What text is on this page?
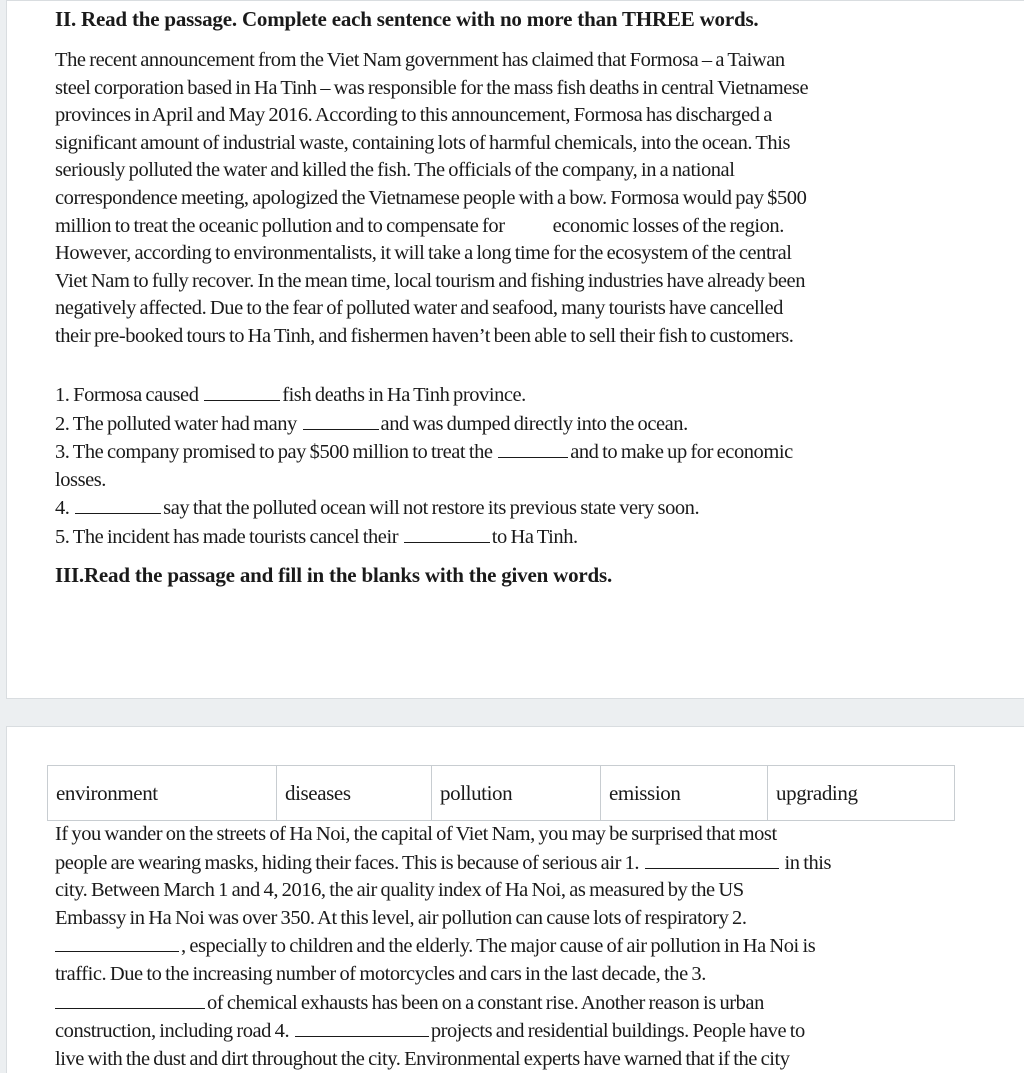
II. Read the passage. Complete each sentence with no more than THREE words.
The recent announcement from the Viet Nam government has claimed that Formosa – a Taiwan
steel corporation based in Ha Tinh – was responsible for the mass fish deaths in central Vietnamese
provinces in April and May 2016. According to this announcement, Formosa has discharged a
significant amount of industrial waste, containing lots of harmful chemicals, into the ocean. This
seriously polluted the water and killed the fish. The officials of the company, in a national
correspondence meeting, apologized the Vietnamese people with a bow. Formosa would pay $500
million to treat the oceanic pollution and to compensate for economic losses of the region.
However, according to environmentalists, it will take a long time for the ecosystem of the central
Viet Nam to fully recover. In the mean time, local tourism and fishing industries have already been
negatively affected. Due to the fear of polluted water and seafood, many tourists have cancelled
their pre-booked tours to Ha Tinh, and fishermen haven’t been able to sell their fish to customers.
1. Formosa caused	fish deaths in Ha Tinh province.
2. The polluted water had many	and was dumped directly into the ocean.
3. The company promised to pay $500 million to treat the	and to make up for economic
losses.
4.	say that the polluted ocean will not restore its previous state very soon.
5. The incident has made tourists cancel their	to Ha Tinh.
III.Read the passage and fill in the blanks with the given words.
environment	diseases	pollution	emission	upgrading
If you wander on the streets of Ha Noi, the capital of Viet Nam, you may be surprised that most
people are wearing masks, hiding their faces. This is because of serious air 1.	in this
city. Between March 1 and 4, 2016, the air quality index of Ha Noi, as measured by the US
Embassy in Ha Noi was over 350. At this level, air pollution can cause lots of respiratory 2.
, especially to children and the elderly. The major cause of air pollution in Ha Noi is
traffic. Due to the increasing number of motorcycles and cars in the last decade, the 3.
of chemical exhausts has been on a constant rise. Another reason is urban
construction, including road 4.	projects and residential buildings. People have to
live with the dust and dirt throughout the city. Environmental experts have warned that if the city
